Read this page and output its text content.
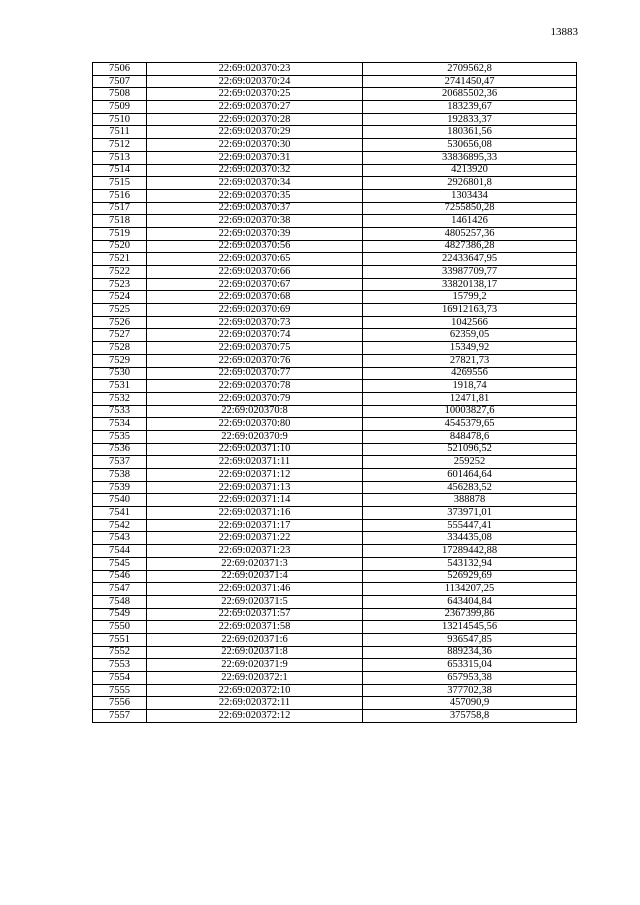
13883
7506	22:69:020370:23	2709562,8
7507	22:69:020370:24	2741450,47
7508	22:69:020370:25	20685502,36
7509	22:69:020370:27	183239,67
7510	22:69:020370:28	192833,37
7511	22:69:020370:29	180361,56
7512	22:69:020370:30	530656,08
7513	22:69:020370:31	33836895,33
7514	22:69:020370:32	4213920
7515	22:69:020370:34	2926801,8
7516	22:69:020370:35	1303434
7517	22:69:020370:37	7255850,28
7518	22:69:020370:38	1461426
7519	22:69:020370:39	4805257,36
7520	22:69:020370:56	4827386,28
7521	22:69:020370:65	22433647,95
7522	22:69:020370:66	33987709,77
7523	22:69:020370:67	33820138,17
7524	22:69:020370:68	15799,2
7525	22:69:020370:69	16912163,73
7526	22:69:020370:73	1042566
7527	22:69:020370:74	62359,05
7528	22:69:020370:75	15349,92
7529	22:69:020370:76	27821,73
7530	22:69:020370:77	4269556
7531	22:69:020370:78	1918,74
7532	22:69:020370:79	12471,81
7533	22:69:020370:8	10003827,6
7534	22:69:020370:80	4545379,65
7535	22:69:020370:9	848478,6
7536	22:69:020371:10	521096,52
7537	22:69:020371:11	259252
7538	22:69:020371:12	601464,64
7539	22:69:020371:13	456283,52
7540	22:69:020371:14	388878
7541	22:69:020371:16	373971,01
7542	22:69:020371:17	555447,41
7543	22:69:020371:22	334435,08
7544	22:69:020371:23	17289442,88
7545	22:69:020371:3	543132,94
7546	22:69:020371:4	526929,69
7547	22:69:020371:46	1134207,25
7548	22:69:020371:5	643404,84
7549	22:69:020371:57	2367399,86
7550	22:69:020371:58	13214545,56
7551	22:69:020371:6	936547,85
7552	22:69:020371:8	889234,36
7553	22:69:020371:9	653315,04
7554	22:69:020372:1	657953,38
7555	22:69:020372:10	377702,38
7556	22:69:020372:11	457090,9
7557	22:69:020372:12	375758,8
